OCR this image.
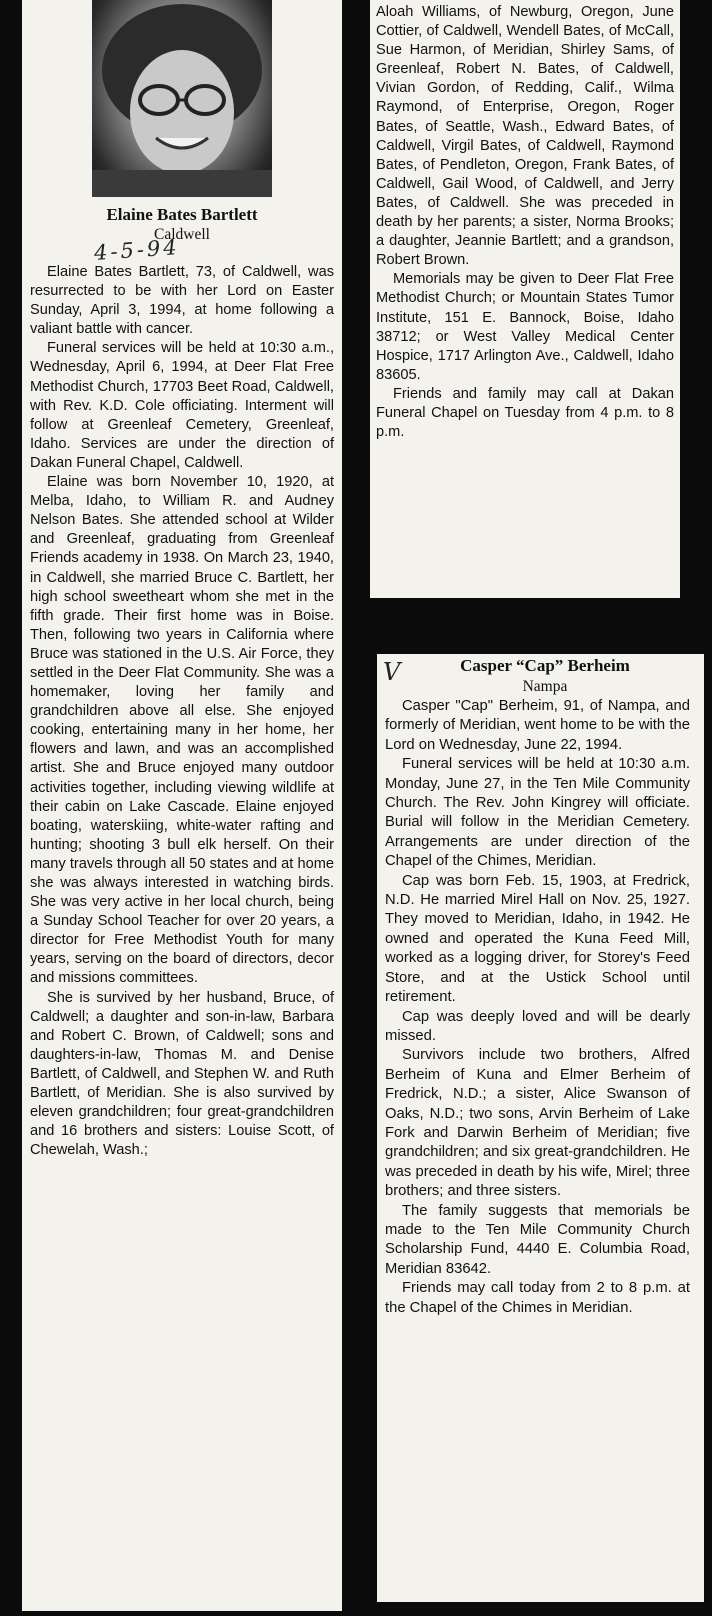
Elaine Bates Bartlett
Caldwell
4-5-94

Elaine Bates Bartlett, 73, of Caldwell, was resurrected to be with her Lord on Easter Sunday, April 3, 1994, at home following a valiant battle with cancer.

Funeral services will be held at 10:30 a.m., Wednesday, April 6, 1994, at Deer Flat Free Methodist Church, 17703 Beet Road, Caldwell, with Rev. K.D. Cole officiating. Interment will follow at Greenleaf Cemetery, Greenleaf, Idaho. Services are under the direction of Dakan Funeral Chapel, Caldwell.

Elaine was born November 10, 1920, at Melba, Idaho, to William R. and Audney Nelson Bates. She attended school at Wilder and Greenleaf, graduating from Greenleaf Friends academy in 1938. On March 23, 1940, in Caldwell, she married Bruce C. Bartlett, her high school sweetheart whom she met in the fifth grade. Their first home was in Boise. Then, following two years in California where Bruce was stationed in the U.S. Air Force, they settled in the Deer Flat Community. She was a homemaker, loving her family and grandchildren above all else. She enjoyed cooking, entertaining many in her home, her flowers and lawn, and was an accomplished artist. She and Bruce enjoyed many outdoor activities together, including viewing wildlife at their cabin on Lake Cascade. Elaine enjoyed boating, waterskiing, white-water rafting and hunting; shooting 3 bull elk herself. On their many travels through all 50 states and at home she was always interested in watching birds. She was very active in her local church, being a Sunday School Teacher for over 20 years, a director for Free Methodist Youth for many years, serving on the board of directors, decor and missions committees.

She is survived by her husband, Bruce, of Caldwell; a daughter and son-in-law, Barbara and Robert C. Brown, of Caldwell; sons and daughters-in-law, Thomas M. and Denise Bartlett, of Caldwell, and Stephen W. and Ruth Bartlett, of Meridian. She is also survived by eleven grandchildren; four great-grandchildren and 16 brothers and sisters: Louise Scott, of Chewelah, Wash.;

Aloah Williams, of Newburg, Oregon, June Cottier, of Caldwell, Wendell Bates, of McCall, Sue Harmon, of Meridian, Shirley Sams, of Greenleaf, Robert N. Bates, of Caldwell, Vivian Gordon, of Redding, Calif., Wilma Raymond, of Enterprise, Oregon, Roger Bates, of Seattle, Wash., Edward Bates, of Caldwell, Virgil Bates, of Caldwell, Raymond Bates, of Pendleton, Oregon, Frank Bates, of Caldwell, Gail Wood, of Caldwell, and Jerry Bates, of Caldwell. She was preceded in death by her parents; a sister, Norma Brooks; a daughter, Jeannie Bartlett; and a grandson, Robert Brown.

Memorials may be given to Deer Flat Free Methodist Church; or Mountain States Tumor Institute, 151 E. Bannock, Boise, Idaho 38712; or West Valley Medical Center Hospice, 1717 Arlington Ave., Caldwell, Idaho 83605.

Friends and family may call at Dakan Funeral Chapel on Tuesday from 4 p.m. to 8 p.m.

V	Casper “Cap” Berheim
Nampa

Casper "Cap" Berheim, 91, of Nampa, and formerly of Meridian, went home to be with the Lord on Wednesday, June 22, 1994.

Funeral services will be held at 10:30 a.m. Monday, June 27, in the Ten Mile Community Church. The Rev. John Kingrey will officiate. Burial will follow in the Meridian Cemetery. Arrangements are under direction of the Chapel of the Chimes, Meridian.

Cap was born Feb. 15, 1903, at Fredrick, N.D. He married Mirel Hall on Nov. 25, 1927. They moved to Meridian, Idaho, in 1942. He owned and operated the Kuna Feed Mill, worked as a logging driver, for Storey's Feed Store, and at the Ustick School until retirement.

Cap was deeply loved and will be dearly missed.

Survivors include two brothers, Alfred Berheim of Kuna and Elmer Berheim of Fredrick, N.D.; a sister, Alice Swanson of Oaks, N.D.; two sons, Arvin Berheim of Lake Fork and Darwin Berheim of Meridian; five grandchildren; and six great-grandchildren. He was preceded in death by his wife, Mirel; three brothers; and three sisters.

The family suggests that memorials be made to the Ten Mile Community Church Scholarship Fund, 4440 E. Columbia Road, Meridian 83642.

Friends may call today from 2 to 8 p.m. at the Chapel of the Chimes in Meridian.
